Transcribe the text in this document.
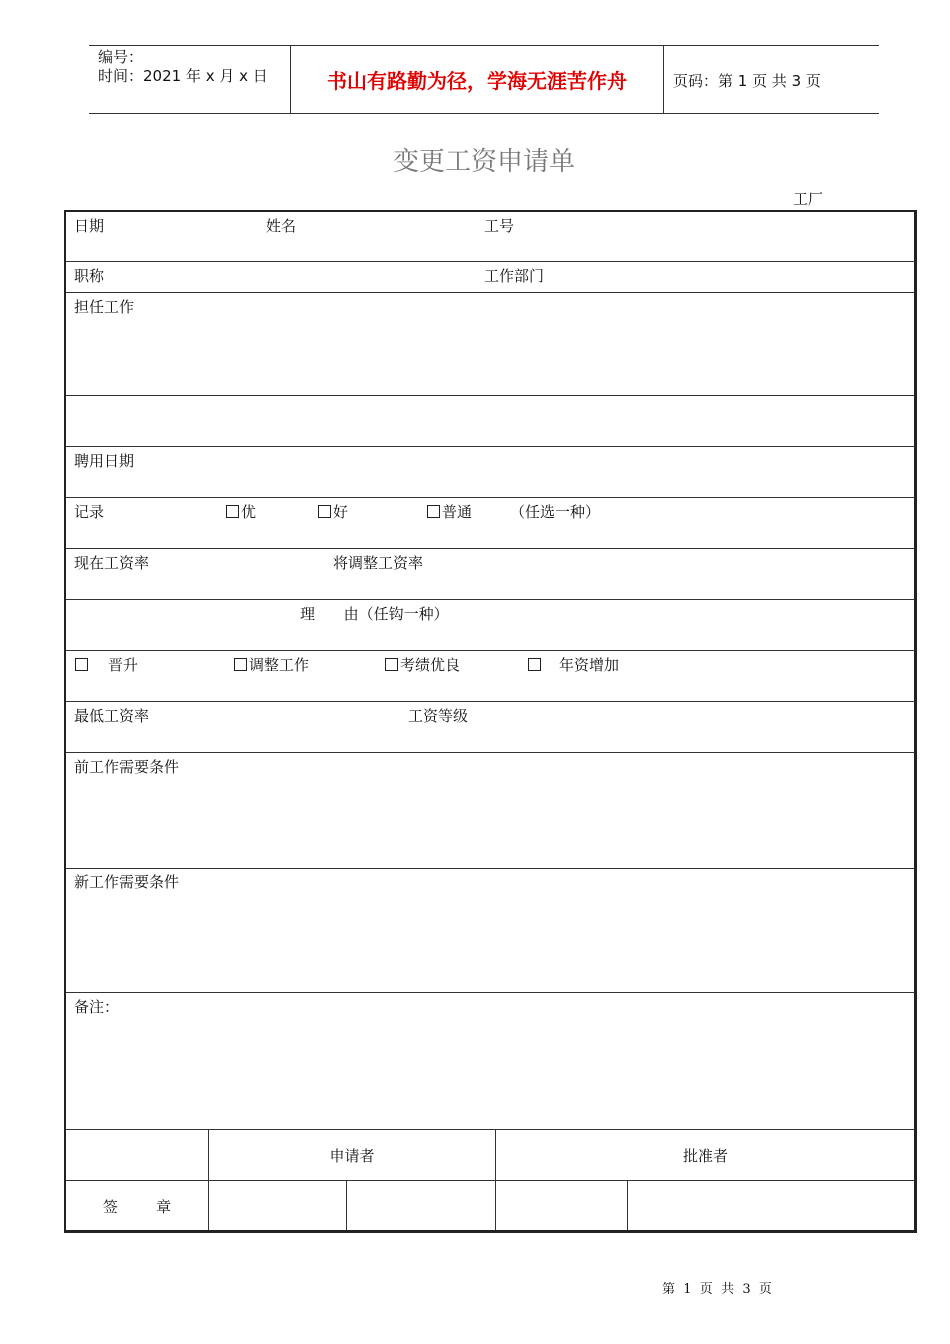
编号：
时间：2021 年 x 月 x 日	书山有路勤为径，学海无涯苦作舟	页码：第 1 页 共 3 页
变更工资申请单
工厂
日期	姓名	工号
职称	工作部门
担任工作
聘用日期
记录	优	好	普通	（任选一种）
现在工资率	将调整工资率
理      由（任钩一种）
晋升	调整工作	考绩优良	年资增加
最低工资率	工资等级
前工作需要条件
新工作需要条件
备注：
申请者	批准者
签        章
第  1  页  共  3  页
